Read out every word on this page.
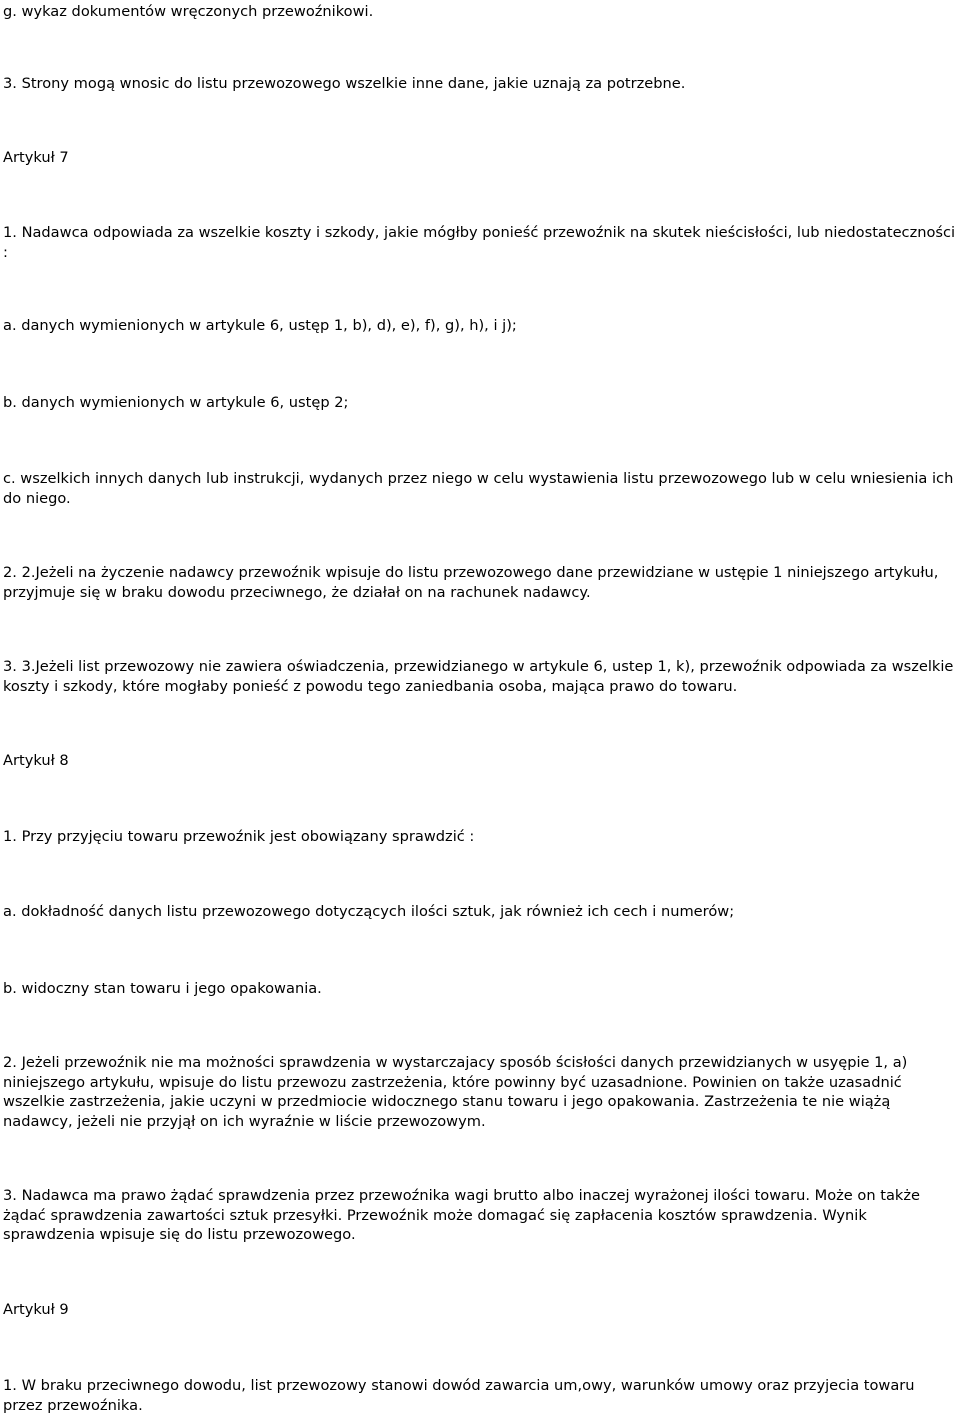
g. wykaz dokumentów wręczonych przewoźnikowi.

3. Strony mogą wnosic do listu przewozowego wszelkie inne dane, jakie uznają za potrzebne.

Artykuł 7

1. Nadawca odpowiada za wszelkie koszty i szkody, jakie mógłby ponieść przewoźnik na skutek nieścisłości, lub niedostateczności :

a. danych wymienionych w artykule 6, ustęp 1, b), d), e), f), g), h), i j);

b. danych wymienionych w artykule 6, ustęp 2;

c. wszelkich innych danych lub instrukcji, wydanych przez niego w celu wystawienia listu przewozowego lub w celu wniesienia ich do niego.

2. 2.Jeżeli na życzenie nadawcy przewoźnik wpisuje do listu przewozowego dane przewidziane w ustępie 1 niniejszego artykułu, przyjmuje się w braku dowodu przeciwnego, że działał on na rachunek nadawcy.

3. 3.Jeżeli list przewozowy nie zawiera oświadczenia, przewidzianego w artykule 6, ustep 1, k), przewoźnik odpowiada za wszelkie koszty i szkody, które mogłaby ponieść z powodu tego zaniedbania osoba, mająca prawo do towaru.

Artykuł 8

1. Przy przyjęciu towaru przewoźnik jest obowiązany sprawdzić :

a. dokładność danych listu przewozowego dotyczących ilości sztuk, jak również ich cech i numerów;

b. widoczny stan towaru i jego opakowania.

2. Jeżeli przewoźnik nie ma możności sprawdzenia w wystarczajacy sposób ścisłości danych przewidzianych w usyępie 1, a) niniejszego artykułu, wpisuje do listu przewozu zastrzeżenia, które powinny być uzasadnione. Powinien on także uzasadnić wszelkie zastrzeżenia, jakie uczyni w przedmiocie widocznego stanu towaru i jego opakowania. Zastrzeżenia te nie wiążą nadawcy, jeżeli nie przyjął on ich wyraźnie w liście przewozowym.

3. Nadawca ma prawo żądać sprawdzenia przez przewoźnika wagi brutto albo inaczej wyrażonej ilości towaru. Może on także żądać sprawdzenia zawartości sztuk przesyłki. Przewoźnik może domagać się zapłacenia kosztów sprawdzenia. Wynik sprawdzenia wpisuje się do listu przewozowego.

Artykuł 9

1. W braku przeciwnego dowodu, list przewozowy stanowi dowód zawarcia um,owy, warunków umowy oraz przyjecia towaru przez przewoźnika.
